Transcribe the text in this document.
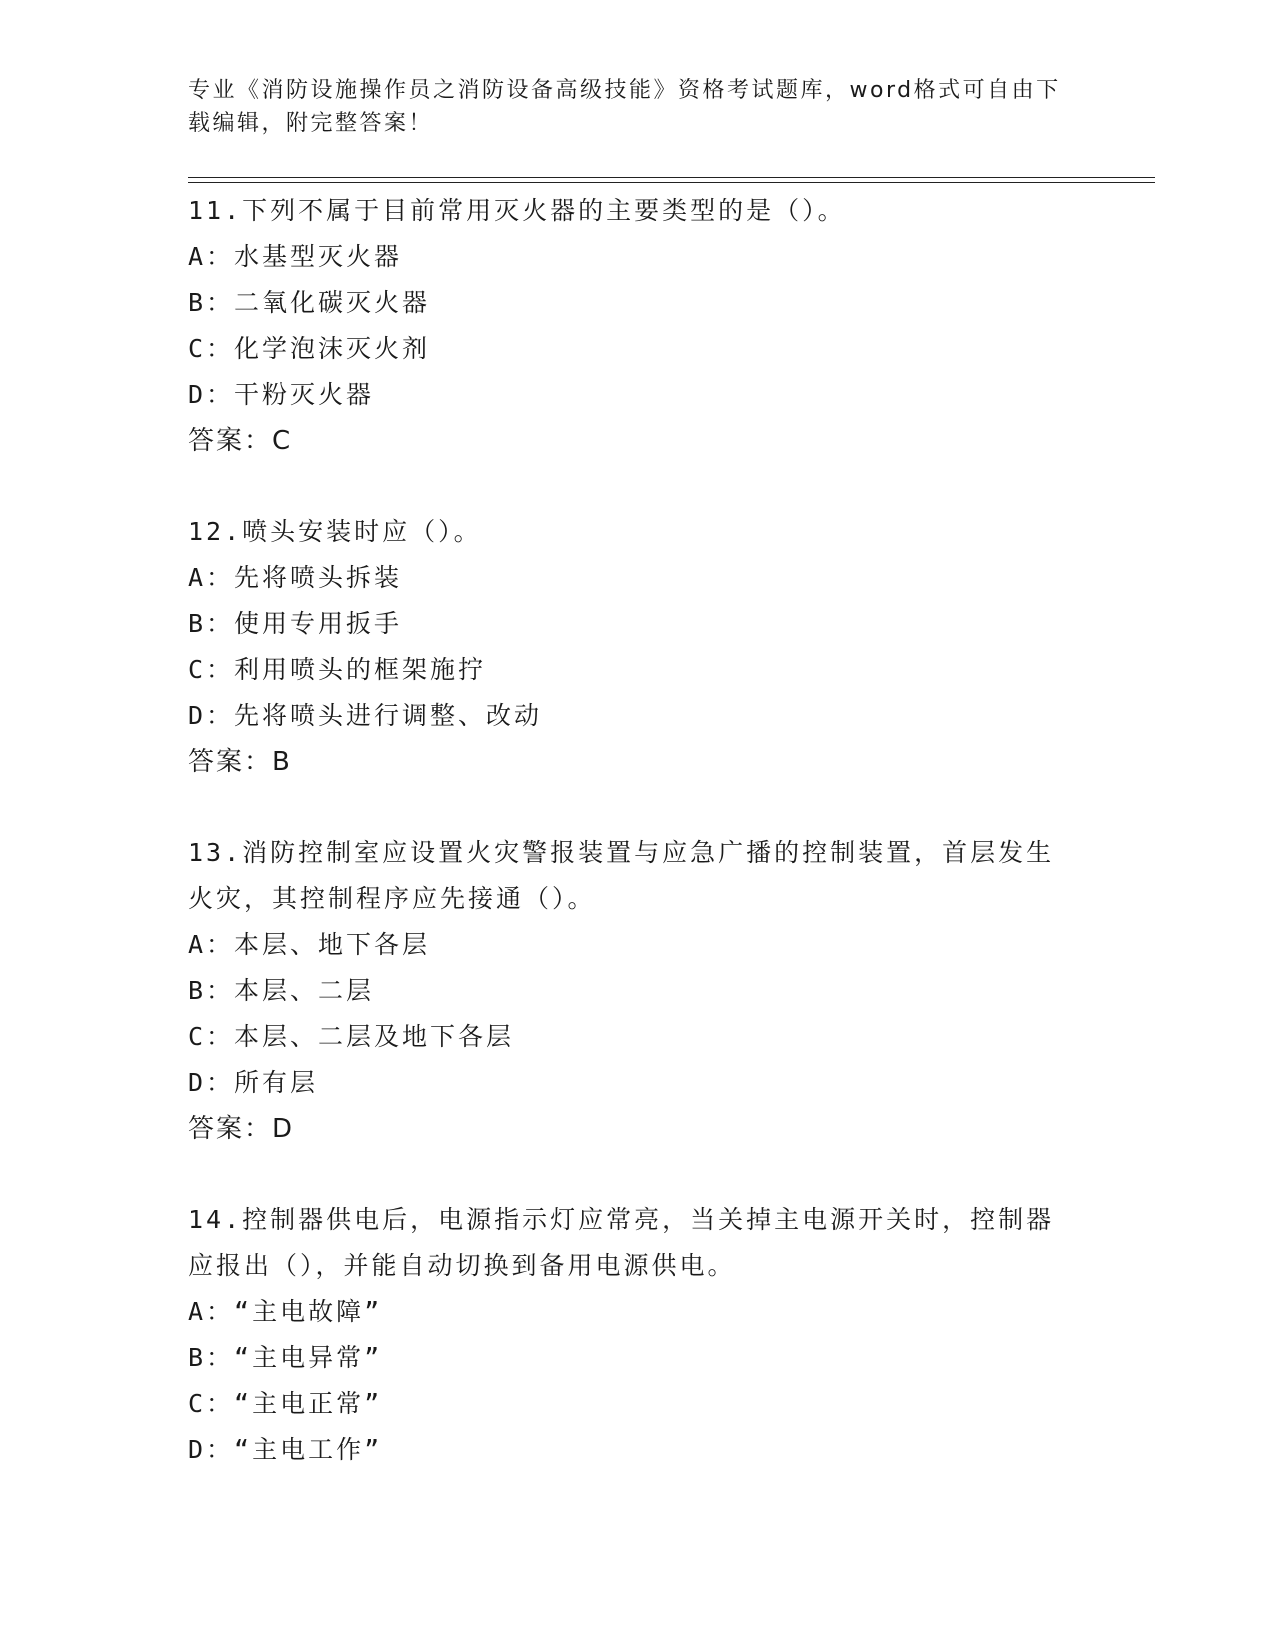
专业《消防设施操作员之消防设备高级技能》资格考试题库，word格式可自由下载编辑，附完整答案！
11.下列不属于目前常用灭火器的主要类型的是（）。
A：水基型灭火器
B：二氧化碳灭火器
C：化学泡沫灭火剂
D：干粉灭火器
答案：C
12.喷头安装时应（）。
A：先将喷头拆装
B：使用专用扳手
C：利用喷头的框架施拧
D：先将喷头进行调整、改动
答案：B
13.消防控制室应设置火灾警报装置与应急广播的控制装置，首层发生火灾，其控制程序应先接通（）。
A：本层、地下各层
B：本层、二层
C：本层、二层及地下各层
D：所有层
答案：D
14.控制器供电后，电源指示灯应常亮，当关掉主电源开关时，控制器应报出（），并能自动切换到备用电源供电。
A：“主电故障”
B：“主电异常”
C：“主电正常”
D：“主电工作”
